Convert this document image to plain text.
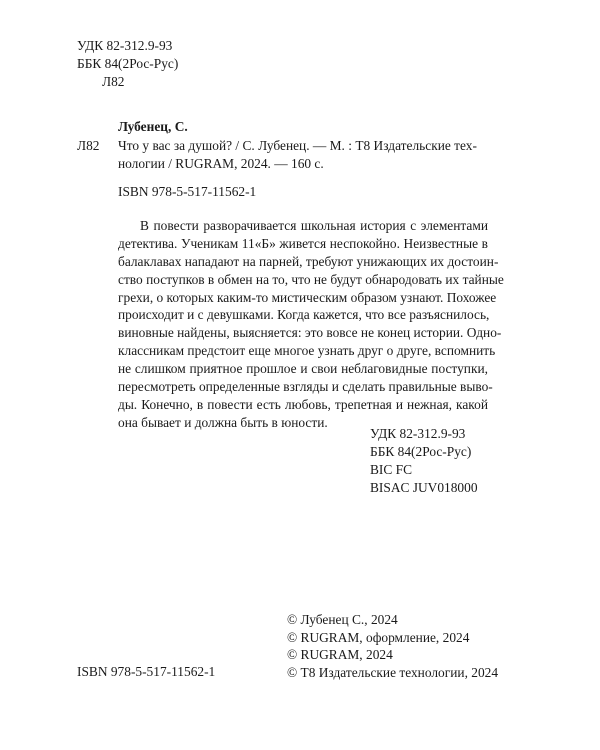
УДК 82-312.9-93
ББК 84(2Рос-Рус)
Л82
Лубенец, С.
Л82 Что у вас за душой? / С. Лубенец. — М. : Т8 Издательские тех-
нологии / RUGRAM, 2024. — 160 с.
ISBN 978-5-517-11562-1
В повести разворачивается школьная история с элементами
детектива. Ученикам 11«Б» живется неспокойно. Неизвестные в
балаклавах нападают на парней, требуют унижающих их достоин-
ство поступков в обмен на то, что не будут обнародовать их тайные
грехи, о которых каким-то мистическим образом узнают. Похожее
происходит и с девушками. Когда кажется, что все разъяснилось,
виновные найдены, выясняется: это вовсе не конец истории. Одно-
классникам предстоит еще многое узнать друг о друге, вспомнить
не слишком приятное прошлое и свои неблаговидные поступки,
пересмотреть определенные взгляды и сделать правильные выво-
ды. Конечно, в повести есть любовь, трепетная и нежная, какой
она бывает и должна быть в юности.
УДК 82-312.9-93
ББК 84(2Рос-Рус)
BIC FC
BISAC JUV018000
© Лубенец С., 2024
© RUGRAM, оформление, 2024
© RUGRAM, 2024
© Т8 Издательские технологии, 2024
ISBN 978-5-517-11562-1
